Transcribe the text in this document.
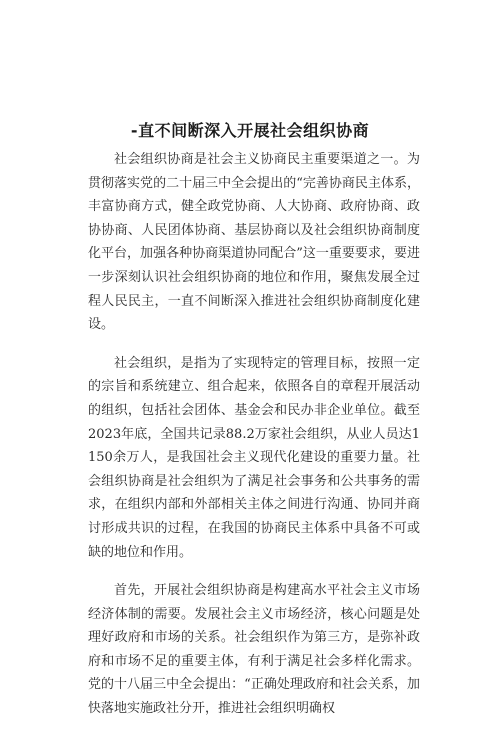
-直不间断深入开展社会组织协商

社会组织协商是社会主义协商民主重要渠道之一。为贯彻落实党的二十届三中全会提出的“完善协商民主体系，丰富协商方式，健全政党协商、人大协商、政府协商、政协协商、人民团体协商、基层协商以及社会组织协商制度化平台，加强各种协商渠道协同配合”这一重要要求，要进一步深刻认识社会组织协商的地位和作用，聚焦发展全过程人民民主，一直不间断深入推进社会组织协商制度化建设。

社会组织，是指为了实现特定的管理目标，按照一定的宗旨和系统建立、组合起来，依照各自的章程开展活动的组织，包括社会团体、基金会和民办非企业单位。截至2023年底，全国共记录88.2万家社会组织，从业人员达1150余万人，是我国社会主义现代化建设的重要力量。社会组织协商是社会组织为了满足社会事务和公共事务的需求，在组织内部和外部相关主体之间进行沟通、协同并商讨形成共识的过程，在我国的协商民主体系中具备不可或缺的地位和作用。

首先，开展社会组织协商是构建高水平社会主义市场经济体制的需要。发展社会主义市场经济，核心问题是处理好政府和市场的关系。社会组织作为第三方，是弥补政府和市场不足的重要主体，有利于满足社会多样化需求。党的十八届三中全会提出：“正确处理政府和社会关系，加快落地实施政社分开，推进社会组织明确权
